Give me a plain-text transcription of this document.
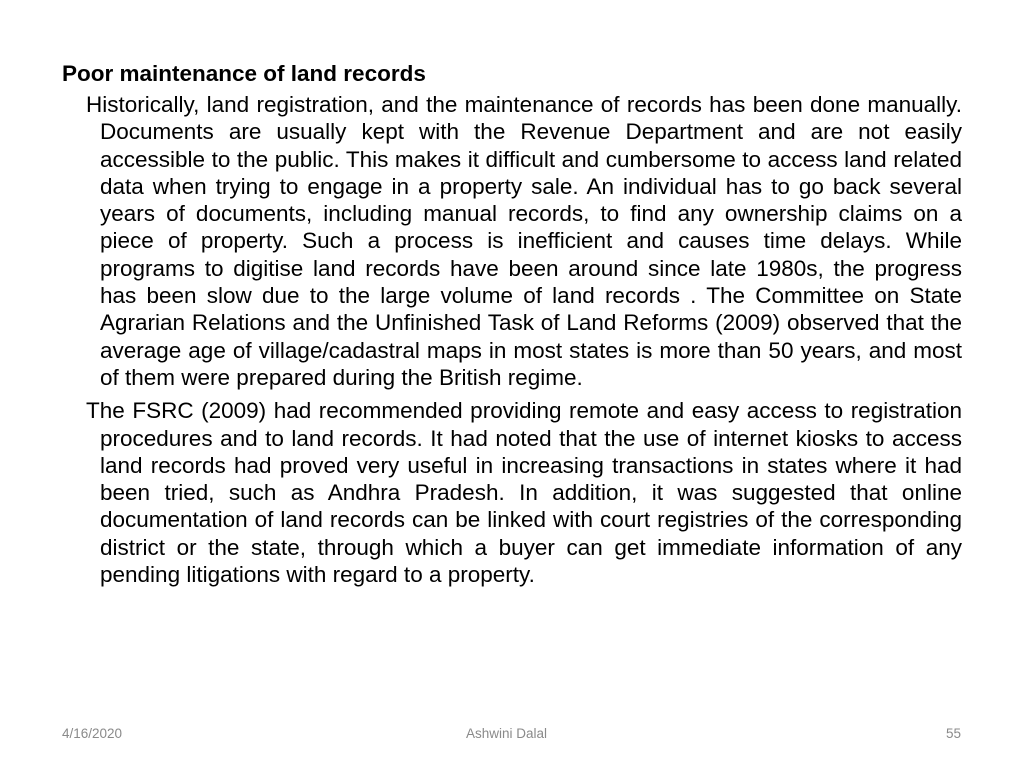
Poor maintenance of land records

Historically, land registration, and the maintenance of records has been done manually. Documents are usually kept with the Revenue Department and are not easily accessible to the public. This makes it difficult and cumbersome to access land related data when trying to engage in a property sale. An individual has to go back several years of documents, including manual records, to find any ownership claims on a piece of property. Such a process is inefficient and causes time delays. While programs to digitise land records have been around since late 1980s, the progress has been slow due to the large volume of land records . The Committee on State Agrarian Relations and the Unfinished Task of Land Reforms (2009) observed that the average age of village/cadastral maps in most states is more than 50 years, and most of them were prepared during the British regime.

The FSRC (2009) had recommended providing remote and easy access to registration procedures and to land records. It had noted that the use of internet kiosks to access land records had proved very useful in increasing transactions in states where it had been tried, such as Andhra Pradesh. In addition, it was suggested that online documentation of land records can be linked with court registries of the corresponding district or the state, through which a buyer can get immediate information of any pending litigations with regard to a property.

4/16/2020	Ashwini Dalal	55
